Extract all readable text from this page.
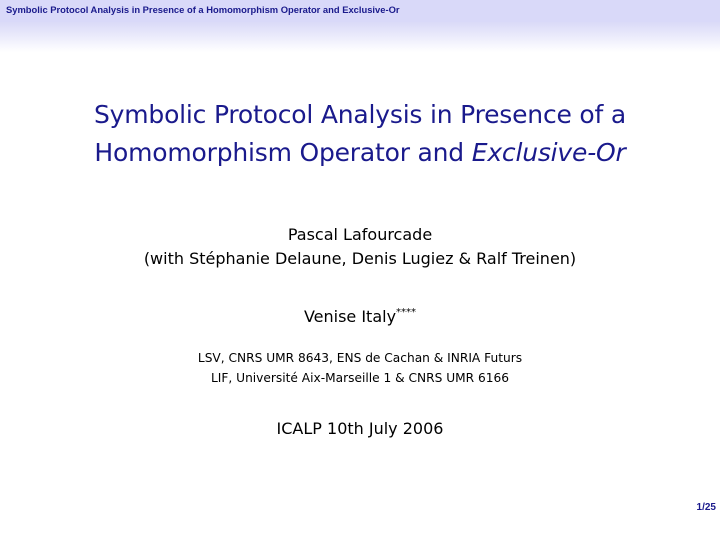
Symbolic Protocol Analysis in Presence of a Homomorphism Operator and Exclusive-Or
Symbolic Protocol Analysis in Presence of a
Homomorphism Operator and Exclusive-Or
Pascal Lafourcade
(with Stéphanie Delaune, Denis Lugiez & Ralf Treinen)
Venise Italy****
LSV, CNRS UMR 8643, ENS de Cachan & INRIA Futurs
LIF, Université Aix-Marseille 1 & CNRS UMR 6166
ICALP 10th July 2006
1/25
